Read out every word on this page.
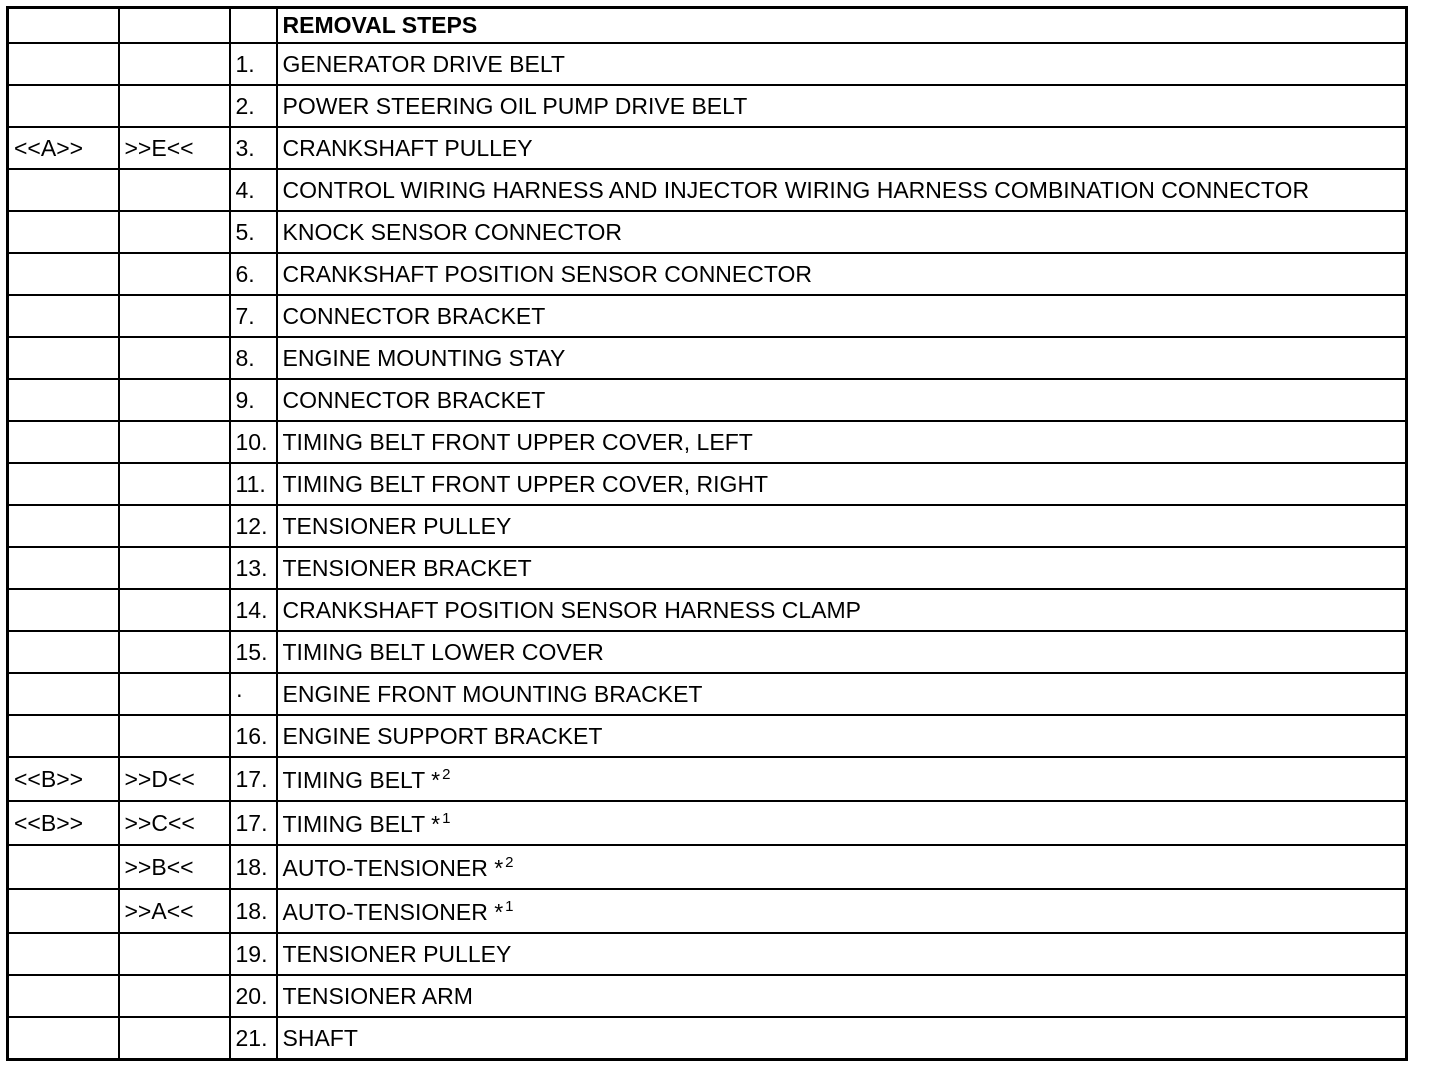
			REMOVAL STEPS
		1.	GENERATOR DRIVE BELT
		2.	POWER STEERING OIL PUMP DRIVE BELT
<<A>>	>>E<<	3.	CRANKSHAFT PULLEY
		4.	CONTROL WIRING HARNESS AND INJECTOR WIRING HARNESS COMBINATION CONNECTOR
		5.	KNOCK SENSOR CONNECTOR
		6.	CRANKSHAFT POSITION SENSOR CONNECTOR
		7.	CONNECTOR BRACKET
		8.	ENGINE MOUNTING STAY
		9.	CONNECTOR BRACKET
		10.	TIMING BELT FRONT UPPER COVER, LEFT
		11.	TIMING BELT FRONT UPPER COVER, RIGHT
		12.	TENSIONER PULLEY
		13.	TENSIONER BRACKET
		14.	CRANKSHAFT POSITION SENSOR HARNESS CLAMP
		15.	TIMING BELT LOWER COVER
		·	ENGINE FRONT MOUNTING BRACKET
		16.	ENGINE SUPPORT BRACKET
<<B>>	>>D<<	17.	TIMING BELT * $^2$
<<B>>	>>C<<	17.	TIMING BELT * $^1$
	>>B<<	18.	AUTO-TENSIONER * $^2$
	>>A<<	18.	AUTO-TENSIONER * $^1$
		19.	TENSIONER PULLEY
		20.	TENSIONER ARM
		21.	SHAFT
